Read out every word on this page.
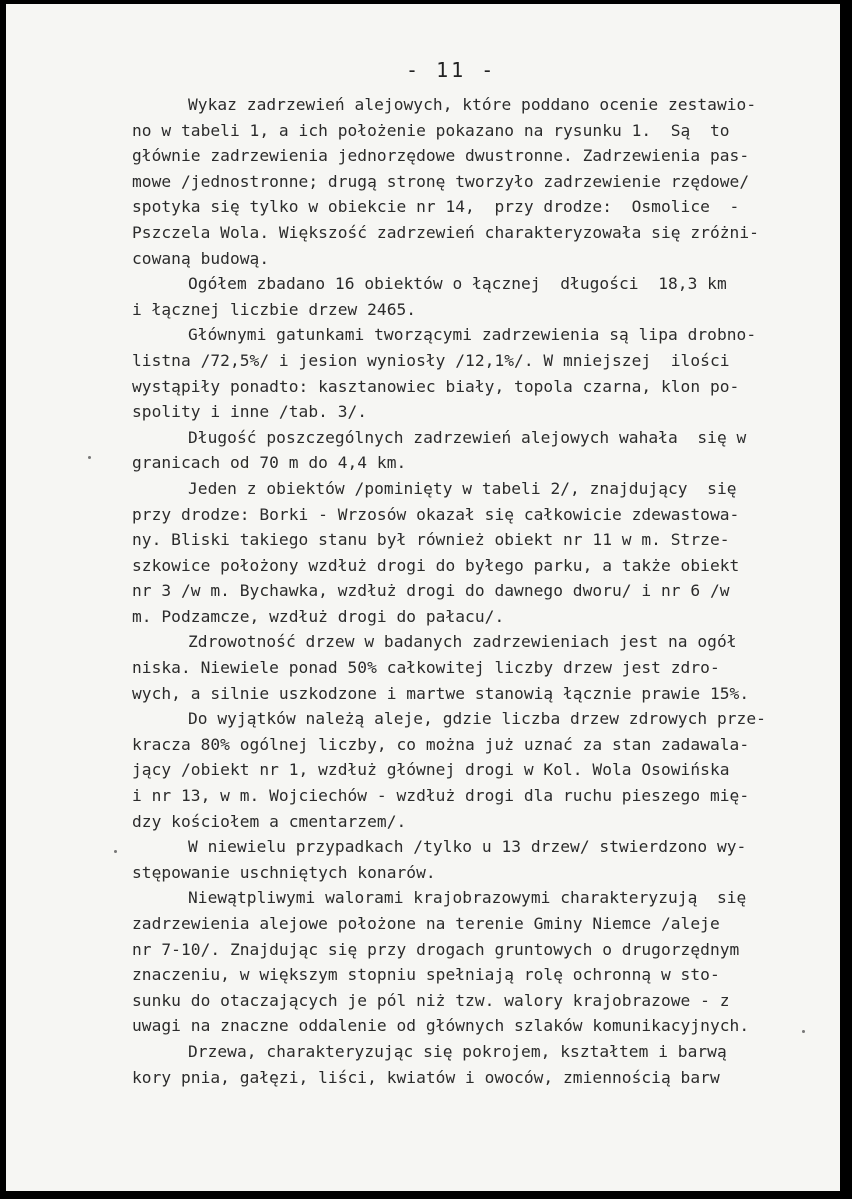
- 11 -
Wykaz zadrzewień alejowych, które poddano ocenie zestawio-
no w tabeli 1, a ich położenie pokazano na rysunku 1.  Są  to
głównie zadrzewienia jednorzędowe dwustronne. Zadrzewienia pas-
mowe /jednostronne; drugą stronę tworzyło zadrzewienie rzędowe/
spotyka się tylko w obiekcie nr 14,  przy drodze:  Osmolice  -
Pszczela Wola. Większość zadrzewień charakteryzowała się zróżni-
cowaną budową.
Ogółem zbadano 16 obiektów o łącznej  długości  18,3 km
i łącznej liczbie drzew 2465.
Głównymi gatunkami tworzącymi zadrzewienia są lipa drobno-
listna /72,5%/ i jesion wyniosły /12,1%/. W mniejszej  ilości
wystąpiły ponadto: kasztanowiec biały, topola czarna, klon po-
spolity i inne /tab. 3/.
Długość poszczególnych zadrzewień alejowych wahała  się w
granicach od 70 m do 4,4 km.
Jeden z obiektów /pominięty w tabeli 2/, znajdujący  się
przy drodze: Borki - Wrzosów okazał się całkowicie zdewastowa-
ny. Bliski takiego stanu był również obiekt nr 11 w m. Strze-
szkowice położony wzdłuż drogi do byłego parku, a także obiekt
nr 3 /w m. Bychawka, wzdłuż drogi do dawnego dworu/ i nr 6 /w
m. Podzamcze, wzdłuż drogi do pałacu/.
Zdrowotność drzew w badanych zadrzewieniach jest na ogół
niska. Niewiele ponad 50% całkowitej liczby drzew jest zdro-
wych, a silnie uszkodzone i martwe stanowią łącznie prawie 15%.
Do wyjątków należą aleje, gdzie liczba drzew zdrowych prze-
kracza 80% ogólnej liczby, co można już uznać za stan zadawala-
jący /obiekt nr 1, wzdłuż głównej drogi w Kol. Wola Osowińska
i nr 13, w m. Wojciechów - wzdłuż drogi dla ruchu pieszego mię-
dzy kościołem a cmentarzem/.
W niewielu przypadkach /tylko u 13 drzew/ stwierdzono wy-
stępowanie uschniętych konarów.
Niewątpliwymi walorami krajobrazowymi charakteryzują  się
zadrzewienia alejowe położone na terenie Gminy Niemce /aleje
nr 7-10/. Znajdując się przy drogach gruntowych o drugorzędnym
znaczeniu, w większym stopniu spełniają rolę ochronną w sto-
sunku do otaczających je pól niż tzw. walory krajobrazowe - z
uwagi na znaczne oddalenie od głównych szlaków komunikacyjnych.
Drzewa, charakteryzując się pokrojem, kształtem i barwą
kory pnia, gałęzi, liści, kwiatów i owoców, zmiennością barw
